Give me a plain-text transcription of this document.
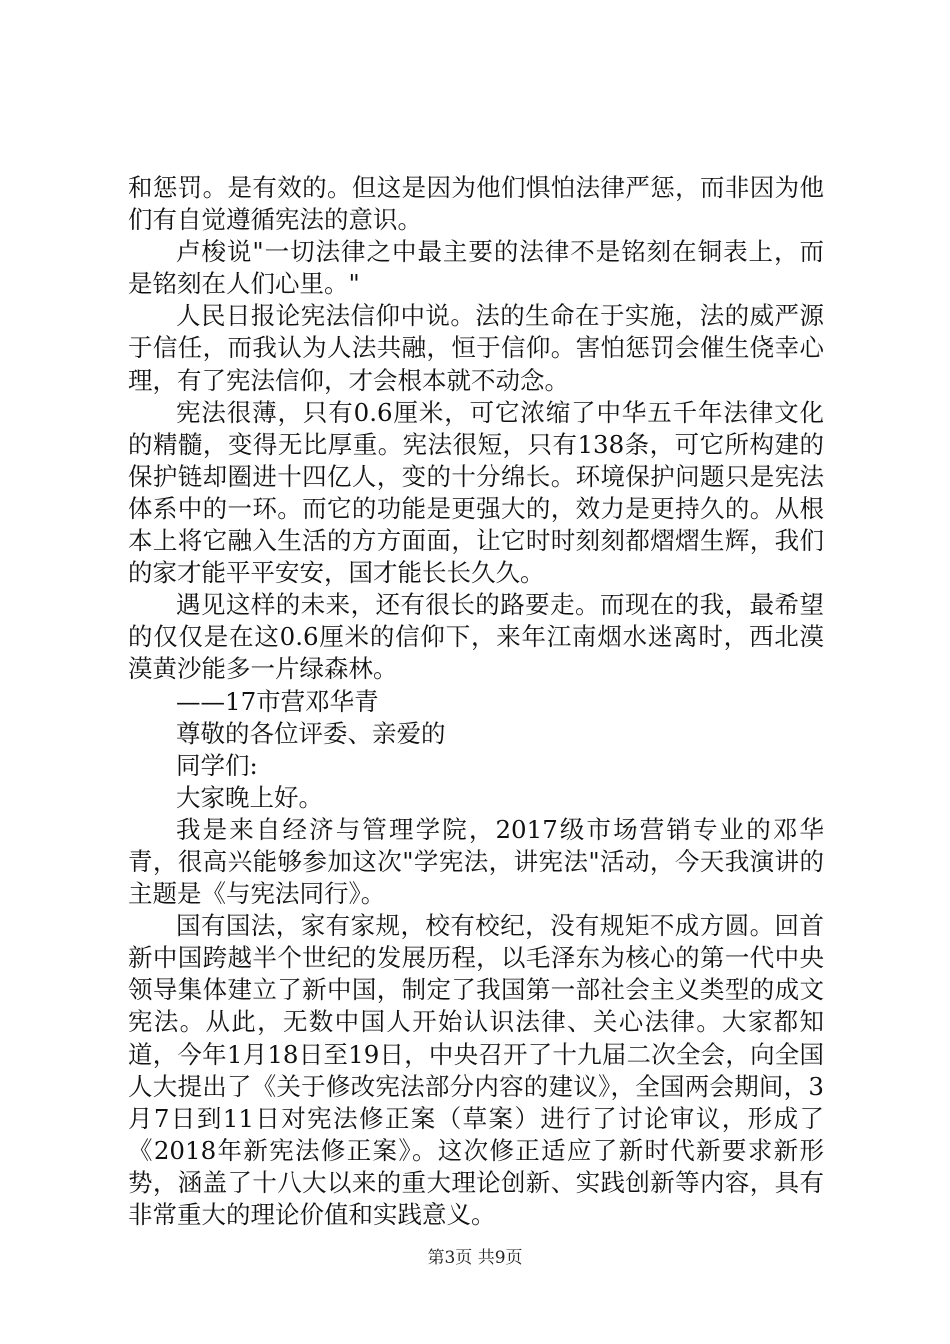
和惩罚。是有效的。但这是因为他们惧怕法律严惩，而非因为他们有自觉遵循宪法的意识。

卢梭说"一切法律之中最主要的法律不是铭刻在铜表上，而是铭刻在人们心里。"

人民日报论宪法信仰中说。法的生命在于实施，法的威严源于信任，而我认为人法共融，恒于信仰。害怕惩罚会催生侥幸心理，有了宪法信仰，才会根本就不动念。

宪法很薄，只有0.6厘米，可它浓缩了中华五千年法律文化的精髓，变得无比厚重。宪法很短，只有138条，可它所构建的保护链却圈进十四亿人，变的十分绵长。环境保护问题只是宪法体系中的一环。而它的功能是更强大的，效力是更持久的。从根本上将它融入生活的方方面面，让它时时刻刻都熠熠生辉，我们的家才能平平安安，国才能长长久久。

遇见这样的未来，还有很长的路要走。而现在的我，最希望的仅仅是在这0.6厘米的信仰下，来年江南烟水迷离时，西北漠漠黄沙能多一片绿森林。

——17市营邓华青

尊敬的各位评委、亲爱的

同学们:

大家晚上好。

我是来自经济与管理学院，2017级市场营销专业的邓华青，很高兴能够参加这次"学宪法，讲宪法"活动，今天我演讲的主题是《与宪法同行》。

国有国法，家有家规，校有校纪，没有规矩不成方圆。回首新中国跨越半个世纪的发展历程，以毛泽东为核心的第一代中央领导集体建立了新中国，制定了我国第一部社会主义类型的成文宪法。从此，无数中国人开始认识法律、关心法律。大家都知道，今年1月18日至19日，中央召开了十九届二次全会，向全国人大提出了《关于修改宪法部分内容的建议》，全国两会期间，3月7日到11日对宪法修正案（草案）进行了讨论审议，形成了《2018年新宪法修正案》。这次修正适应了新时代新要求新形势，涵盖了十八大以来的重大理论创新、实践创新等内容，具有非常重大的理论价值和实践意义。

第3页 共9页
